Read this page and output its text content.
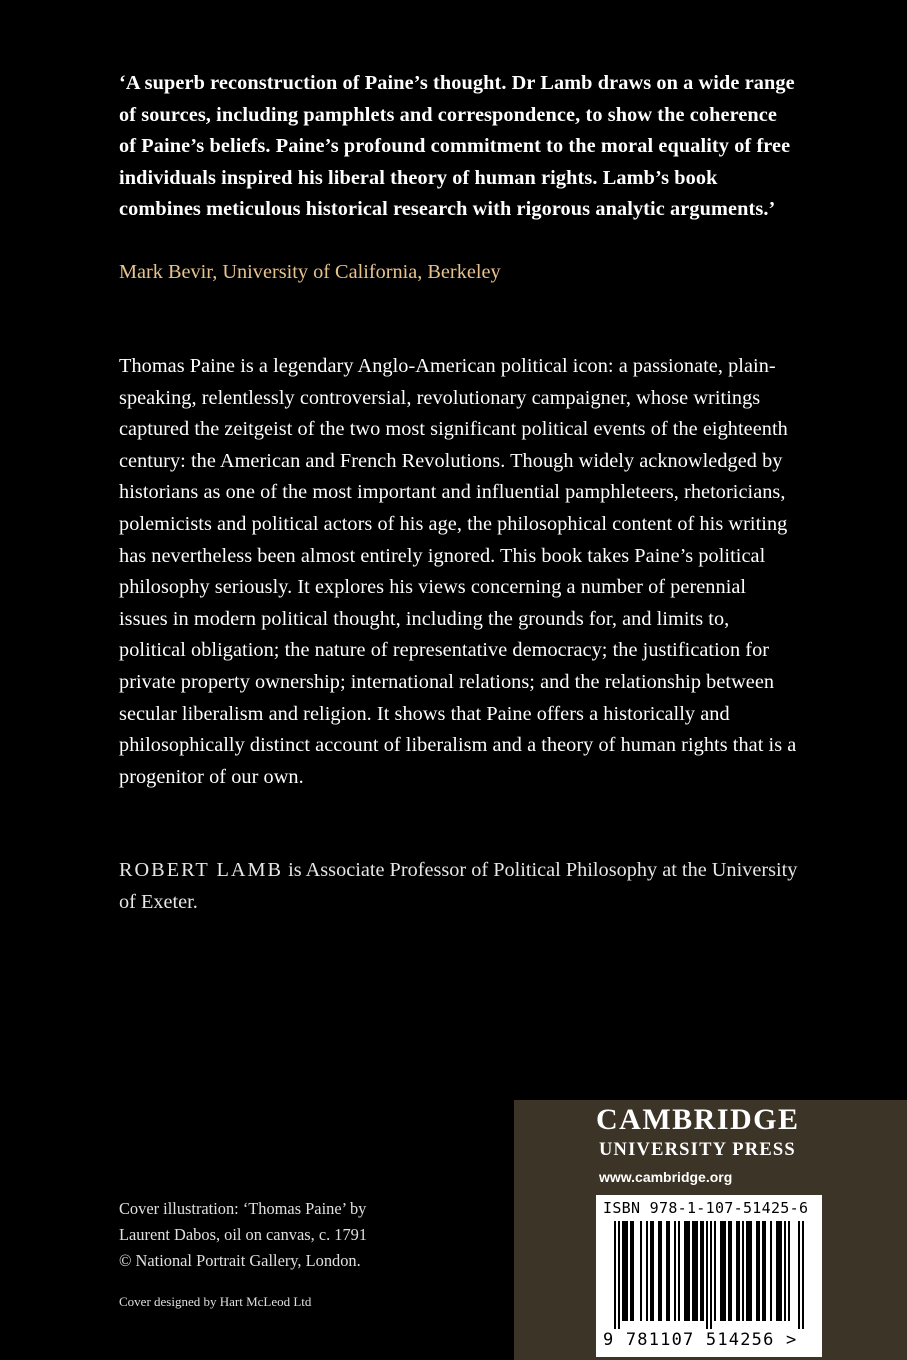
‘A superb reconstruction of Paine’s thought. Dr Lamb draws on a wide range of sources, including pamphlets and correspondence, to show the coherence of Paine’s beliefs. Paine’s profound commitment to the moral equality of free individuals inspired his liberal theory of human rights. Lamb’s book combines meticulous historical research with rigorous analytic arguments.’
Mark Bevir, University of California, Berkeley
Thomas Paine is a legendary Anglo-American political icon: a passionate, plain-speaking, relentlessly controversial, revolutionary campaigner, whose writings captured the zeitgeist of the two most significant political events of the eighteenth century: the American and French Revolutions. Though widely acknowledged by historians as one of the most important and influential pamphleteers, rhetoricians, polemicists and political actors of his age, the philosophical content of his writing has nevertheless been almost entirely ignored. This book takes Paine’s political philosophy seriously. It explores his views concerning a number of perennial issues in modern political thought, including the grounds for, and limits to, political obligation; the nature of representative democracy; the justification for private property ownership; international relations; and the relationship between secular liberalism and religion. It shows that Paine offers a historically and philosophically distinct account of liberalism and a theory of human rights that is a progenitor of our own.
ROBERT LAMB is Associate Professor of Political Philosophy at the University of Exeter.
Cover illustration: ‘Thomas Paine’ by
Laurent Dabos, oil on canvas, c. 1791
© National Portrait Gallery, London.
Cover designed by Hart McLeod Ltd
CAMBRIDGE
UNIVERSITY PRESS
www.cambridge.org
ISBN 978-1-107-51425-6
9 781107 514256 >
